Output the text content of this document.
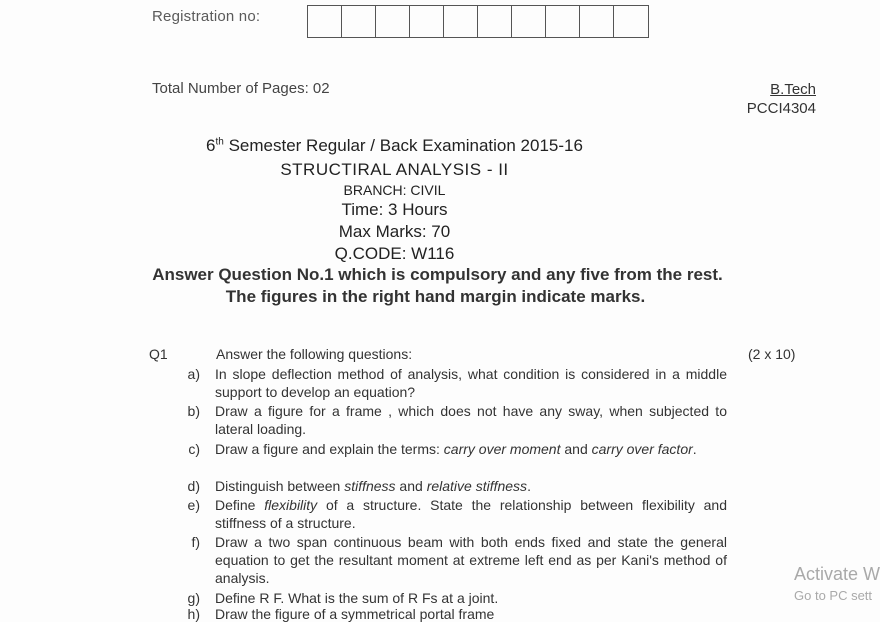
Registration no:
Total Number of Pages: 02	B.Tech
PCCI4304
6th Semester Regular / Back Examination 2015-16
STRUCTIRAL ANALYSIS - II
BRANCH: CIVIL
Time: 3 Hours
Max Marks: 70
Q.CODE: W116
Answer Question No.1 which is compulsory and any five from the rest.
The figures in the right hand margin indicate marks.
Q1	Answer the following questions:	(2 x 10)
a) In slope deflection method of analysis, what condition is considered in a middle support to develop an equation?
b) Draw a figure for a frame , which does not have any sway, when subjected to lateral loading.
c) Draw a figure and explain the terms: carry over moment and carry over factor.
d) Distinguish between stiffness and relative stiffness.
e) Define flexibility of a structure. State the relationship between flexibility and stiffness of a structure.
f) Draw a two span continuous beam with both ends fixed and state the general equation to get the resultant moment at extreme left end as per Kani's method of analysis.
g) Define R F. What is the sum of R Fs at a joint.
h) Draw the figure of a symmetrical portal frame
Activate W
Go to PC sett
